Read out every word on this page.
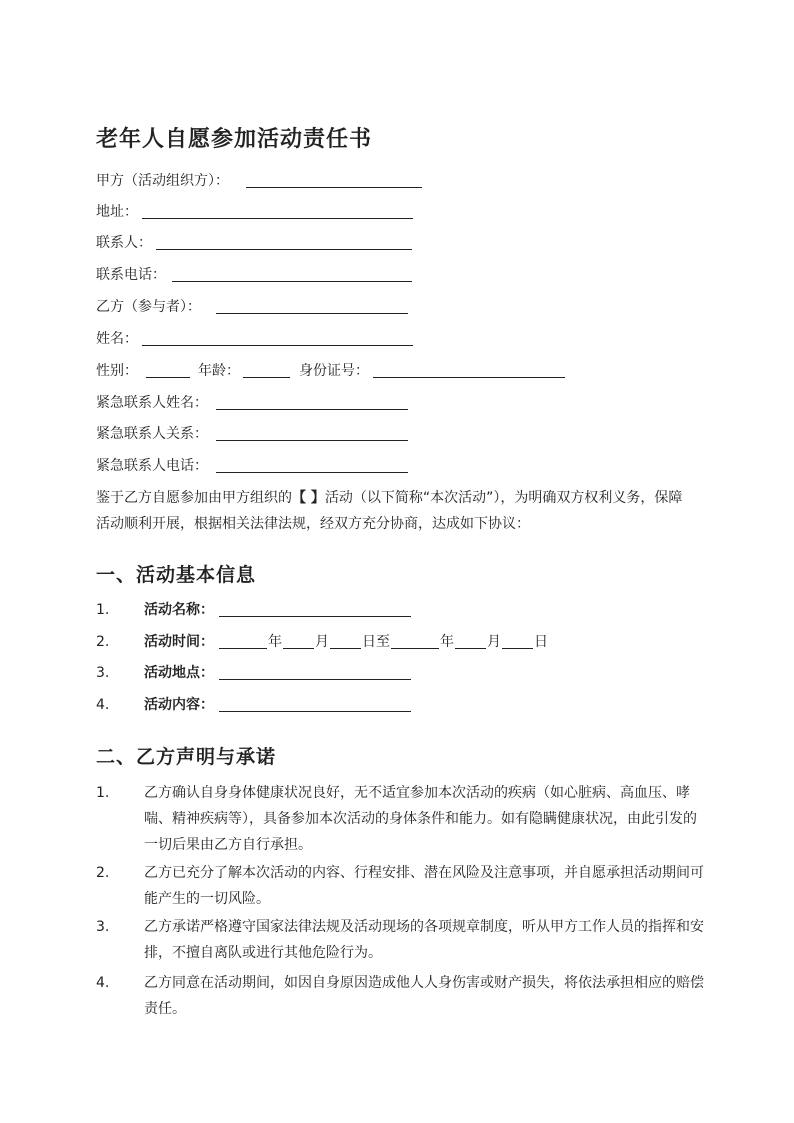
老年人自愿参加活动责任书
甲方（活动组织方）：
地址：
联系人：
联系电话：
乙方（参与者）：
姓名：
性别：	年龄：	身份证号：
紧急联系人姓名：
紧急联系人关系：
紧急联系人电话：

鉴于乙方自愿参加由甲方组织的【 】活动（以下简称“本次活动”），为明确双方权利义务，保障活动顺利开展，根据相关法律法规，经双方充分协商，达成如下协议：

一、活动基本信息
1. 活动名称：
2. 活动时间：	年 月 日至	年 月 日
3. 活动地点：
4. 活动内容：
二、乙方声明与承诺
1. 乙方确认自身身体健康状况良好，无不适宜参加本次活动的疾病（如心脏病、高血压、哮喘、精神疾病等），具备参加本次活动的身体条件和能力。如有隐瞒健康状况，由此引发的一切后果由乙方自行承担。

2. 乙方已充分了解本次活动的内容、行程安排、潜在风险及注意事项，并自愿承担活动期间可能产生的一切风险。

3. 乙方承诺严格遵守国家法律法规及活动现场的各项规章制度，听从甲方工作人员的指挥和安排，不擅自离队或进行其他危险行为。

4. 乙方同意在活动期间，如因自身原因造成他人人身伤害或财产损失，将依法承担相应的赔偿责任。
